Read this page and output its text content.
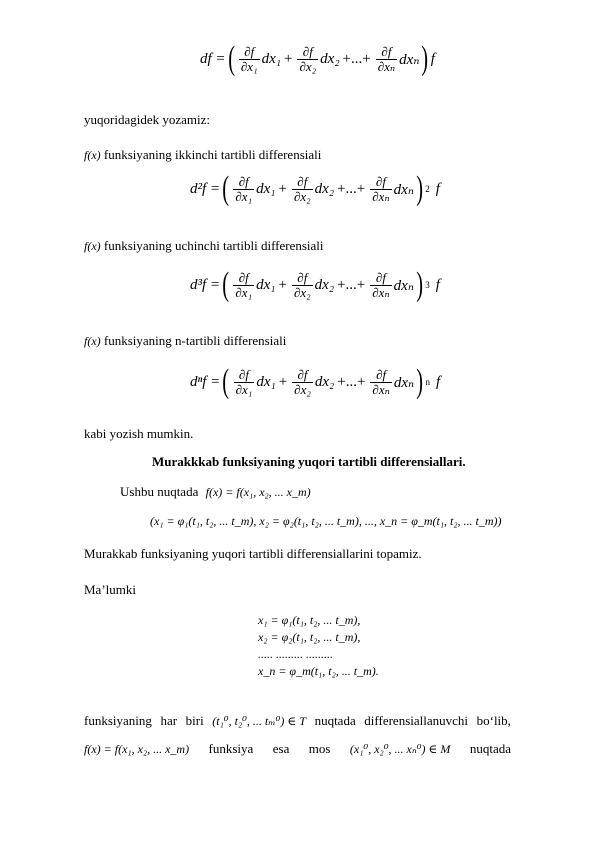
df = ( $\frac{\partial f}{\text{∂x₁}} dx_1 + \frac{\partial f}{\text{∂x₂}} dx_2$ +...+ $\frac{\partial f}{\text{∂xₙ}}$ dxₙ ) f
yuqoridagidek yozamiz:
f(x) funksiyaning ikkinchi tartibli differensiali
d²f = ( $\frac{\partial f}{\text{∂x₁}} dx_1 + \frac{\partial f}{\text{∂x₂}} dx_2$ +...+ $\frac{\partial f}{\text{∂xₙ}}$ dxₙ ) 2 f
f(x) funksiyaning uchinchi tartibli differensiali
d³f = ( $\frac{\partial f}{\text{∂x₁}} dx_1 + \frac{\partial f}{\text{∂x₂}} dx_2$ +...+ $\frac{\partial f}{\text{∂xₙ}}$ dxₙ ) 3 f
f(x) funksiyaning n-tartibli differensiali
dⁿf = ( $\frac{\partial f}{\text{∂x₁}} dx_1 + \frac{\partial f}{\text{∂x₂}} dx_2$ +...+ $\frac{\partial f}{\text{∂xₙ}}$ dxₙ ) n f
kabi yozish mumkin.
Murakkkab funksiyaning yuqori tartibli differensiallari.
Ushbu nuqtada f(x) = f(x₁, x₂, ... x_m)
(x₁ = φ₁(t₁, t₂, ... t_m), x₂ = φ₂(t₁, t₂, ... t_m), ..., x_n = φ_m(t₁, t₂, ... t_m))
Murakkab funksiyaning yuqori tartibli differensiallarini topamiz.
Ma’lumki
x₁ = φ₁(t₁, t₂, ... t_m),
x₂ = φ₂(t₁, t₂, ... t_m),
..... ......... .........
x_n = φ_m(t₁, t₂, ... t_m).
funksiyaning har biri (t₁⁰, t₂⁰, ... tₘ⁰) ∈ T nuqtada differensiallanuvchi bo‘lib,
f(x) = f(x₁, x₂, ... x_m) funksiya esa mos (x₁⁰, x₂⁰, ... xₙ⁰) ∈ M nuqtada
